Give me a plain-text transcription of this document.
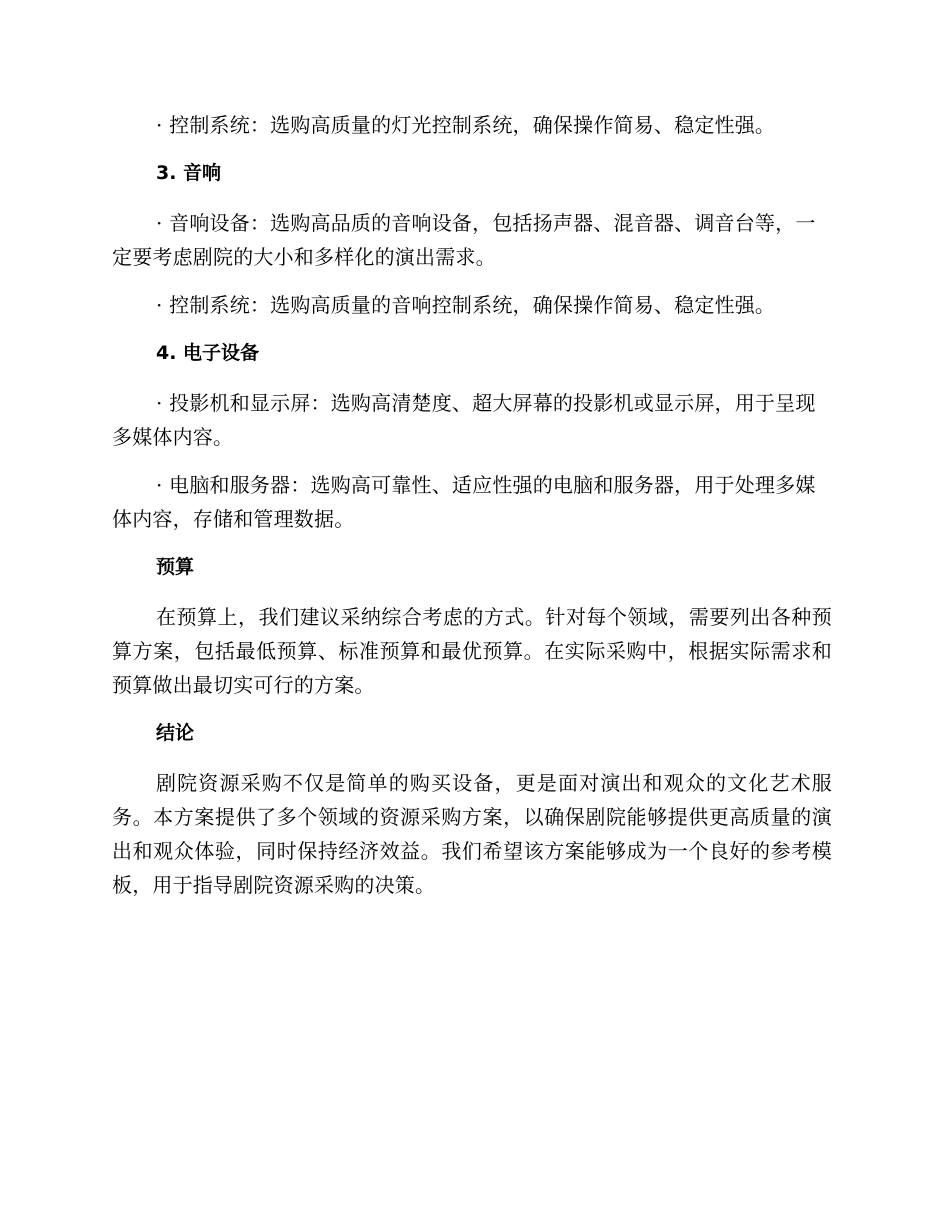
· 控制系统：选购高质量的灯光控制系统，确保操作简易、稳定性强。

3. 音响

· 音响设备：选购高品质的音响设备，包括扬声器、混音器、调音台等，一定要考虑剧院的大小和多样化的演出需求。

· 控制系统：选购高质量的音响控制系统，确保操作简易、稳定性强。

4. 电子设备

· 投影机和显示屏：选购高清楚度、超大屏幕的投影机或显示屏，用于呈现多媒体内容。

· 电脑和服务器：选购高可靠性、适应性强的电脑和服务器，用于处理多媒体内容，存储和管理数据。

预算

在预算上，我们建议采纳综合考虑的方式。针对每个领域，需要列出各种预算方案，包括最低预算、标准预算和最优预算。在实际采购中，根据实际需求和预算做出最切实可行的方案。

结论

剧院资源采购不仅是简单的购买设备，更是面对演出和观众的文化艺术服务。本方案提供了多个领域的资源采购方案，以确保剧院能够提供更高质量的演出和观众体验，同时保持经济效益。我们希望该方案能够成为一个良好的参考模板，用于指导剧院资源采购的决策。
